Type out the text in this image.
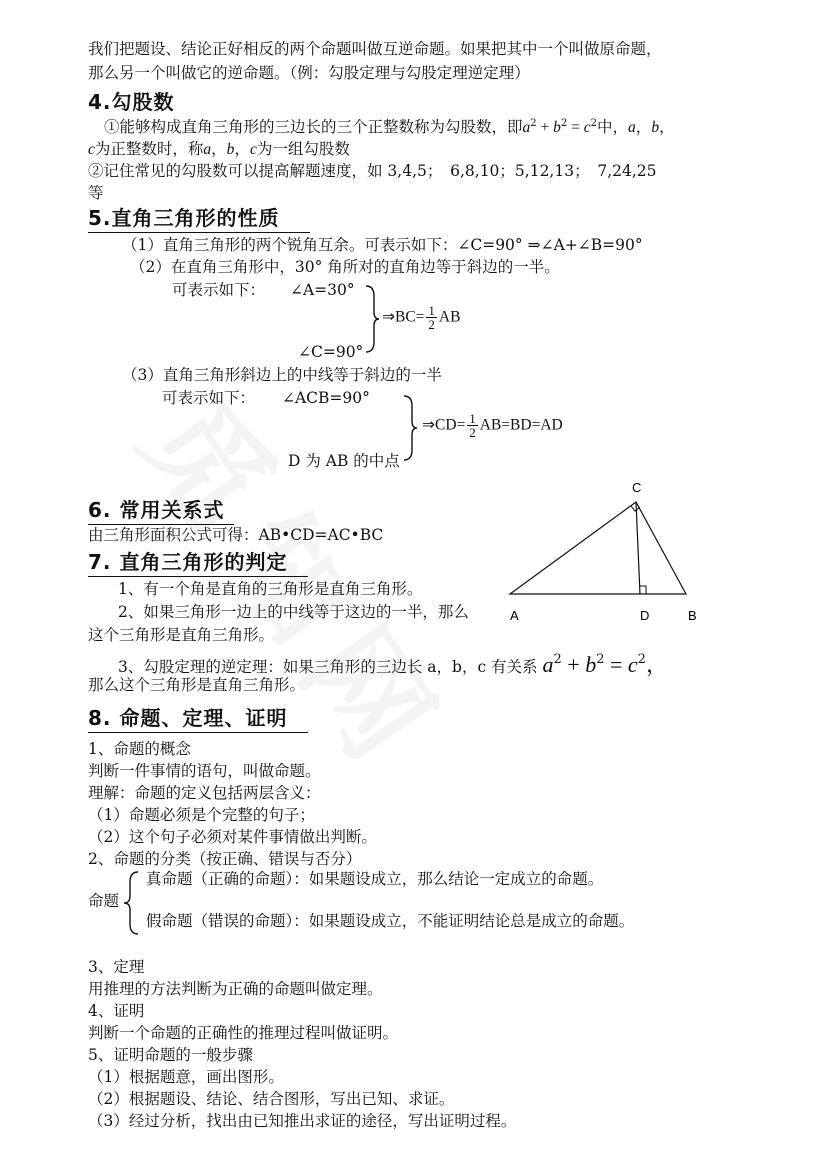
我们把题设、结论正好相反的两个命题叫做互逆命题。如果把其中一个叫做原命题，
那么另一个叫做它的逆命题。（例：勾股定理与勾股定理逆定理）
4.勾股数
①能够构成直角三角形的三边长的三个正整数称为勾股数，即$a^2 + b^2 = c^2$中，a，b，
c为正整数时，称a，b，c为一组勾股数
②记住常见的勾股数可以提高解题速度，如 3,4,5；　6,8,10；5,12,13；　7,24,25
等
5.直角三角形的性质
（1）直角三角形的两个锐角互余。可表示如下：∠C=90° ⇒∠A+∠B=90°
（2）在直角三角形中，30° 角所对的直角边等于斜边的一半。
可表示如下： ∠A=30°
∠C=90°
⇒BC= $\frac{1}{2}$ AB
（3）直角三角形斜边上的中线等于斜边的一半
可表示如下： ∠ACB=90°
D 为 AB 的中点
⇒CD= $\frac{1}{2} AB=BD=AD$
6. 常用关系式
由三角形面积公式可得：AB•CD=AC•BC
C
A	D	B
7. 直角三角形的判定
1、有一个角是直角的三角形是直角三角形。
2、如果三角形一边上的中线等于这边的一半，那么
这个三角形是直角三角形。
3、勾股定理的逆定理：如果三角形的三边长 a，b，c 有关系 $a^2 + b^2 = c^2$，
那么这个三角形是直角三角形。
8. 命题、定理、证明
1、命题的概念
判断一件事情的语句，叫做命题。
理解：命题的定义包括两层含义：
（1）命题必须是个完整的句子；
（2）这个句子必须对某件事情做出判断。
2、命题的分类（按正确、错误与否分）
命题
真命题（正确的命题）：如果题设成立，那么结论一定成立的命题。
假命题（错误的命题）：如果题设成立，不能证明结论总是成立的命题。
3、定理
用推理的方法判断为正确的命题叫做定理。
4、证明
判断一个命题的正确性的推理过程叫做证明。
5、证明命题的一般步骤
（1）根据题意，画出图形。
（2）根据题设、结论、结合图形，写出已知、求证。
（3）经过分析，找出由已知推出求证的途径，写出证明过程。
